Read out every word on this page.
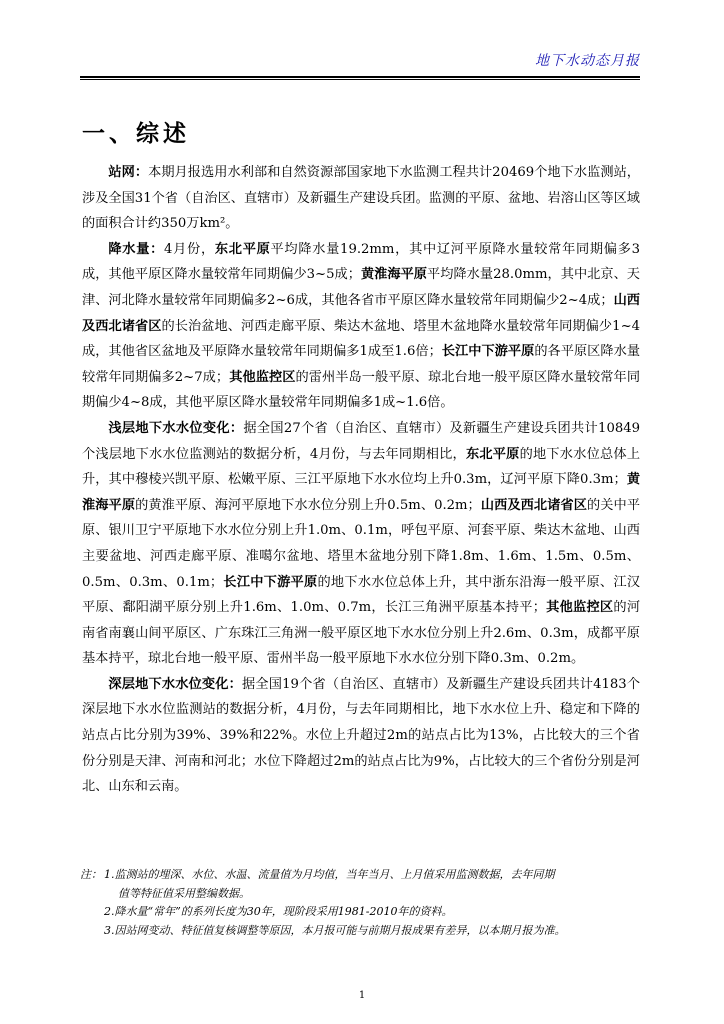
地下水动态月报
一、综述

站网：本期月报选用水利部和自然资源部国家地下水监测工程共计20469个地下水监测站，涉及全国31个省（自治区、直辖市）及新疆生产建设兵团。监测的平原、盆地、岩溶山区等区域的面积合计约350万km²。

降水量：4月份，东北平原平均降水量19.2mm，其中辽河平原降水量较常年同期偏多3成，其他平原区降水量较常年同期偏少3~5成；黄淮海平原平均降水量28.0mm，其中北京、天津、河北降水量较常年同期偏多2~6成，其他各省市平原区降水量较常年同期偏少2~4成；山西及西北诸省区的长治盆地、河西走廊平原、柴达木盆地、塔里木盆地降水量较常年同期偏少1~4成，其他省区盆地及平原降水量较常年同期偏多1成至1.6倍；长江中下游平原的各平原区降水量较常年同期偏多2~7成；其他监控区的雷州半岛一般平原、琼北台地一般平原区降水量较常年同期偏少4~8成，其他平原区降水量较常年同期偏多1成~1.6倍。

浅层地下水水位变化：据全国27个省（自治区、直辖市）及新疆生产建设兵团共计10849个浅层地下水水位监测站的数据分析，4月份，与去年同期相比，东北平原的地下水水位总体上升，其中穆棱兴凯平原、松嫩平原、三江平原地下水水位均上升0.3m，辽河平原下降0.3m；黄淮海平原的黄淮平原、海河平原地下水水位分别上升0.5m、0.2m；山西及西北诸省区的关中平原、银川卫宁平原地下水水位分别上升1.0m、0.1m，呼包平原、河套平原、柴达木盆地、山西主要盆地、河西走廊平原、准噶尔盆地、塔里木盆地分别下降1.8m、1.6m、1.5m、0.5m、0.5m、0.3m、0.1m；长江中下游平原的地下水水位总体上升，其中浙东沿海一般平原、江汉平原、鄱阳湖平原分别上升1.6m、1.0m、0.7m，长江三角洲平原基本持平；其他监控区的河南省南襄山间平原区、广东珠江三角洲一般平原区地下水水位分别上升2.6m、0.3m，成都平原基本持平，琼北台地一般平原、雷州半岛一般平原地下水水位分别下降0.3m、0.2m。

深层地下水水位变化：据全国19个省（自治区、直辖市）及新疆生产建设兵团共计4183个深层地下水水位监测站的数据分析，4月份，与去年同期相比，地下水水位上升、稳定和下降的站点占比分别为39%、39%和22%。水位上升超过2m的站点占比为13%，占比较大的三个省份分别是天津、河南和河北；水位下降超过2m的站点占比为9%，占比较大的三个省份分别是河北、山东和云南。

注： 1. 监测站的埋深、水位、水温、流量值为月均值，当年当月、上月值采用监测数据，去年同期
值等特征值采用整编数据。
2. 降水量“常年”的系列长度为30年，现阶段采用1981-2010年的资料。
3. 因站网变动、特征值复核调整等原因，本月报可能与前期月报成果有差异，以本期月报为准。
1
